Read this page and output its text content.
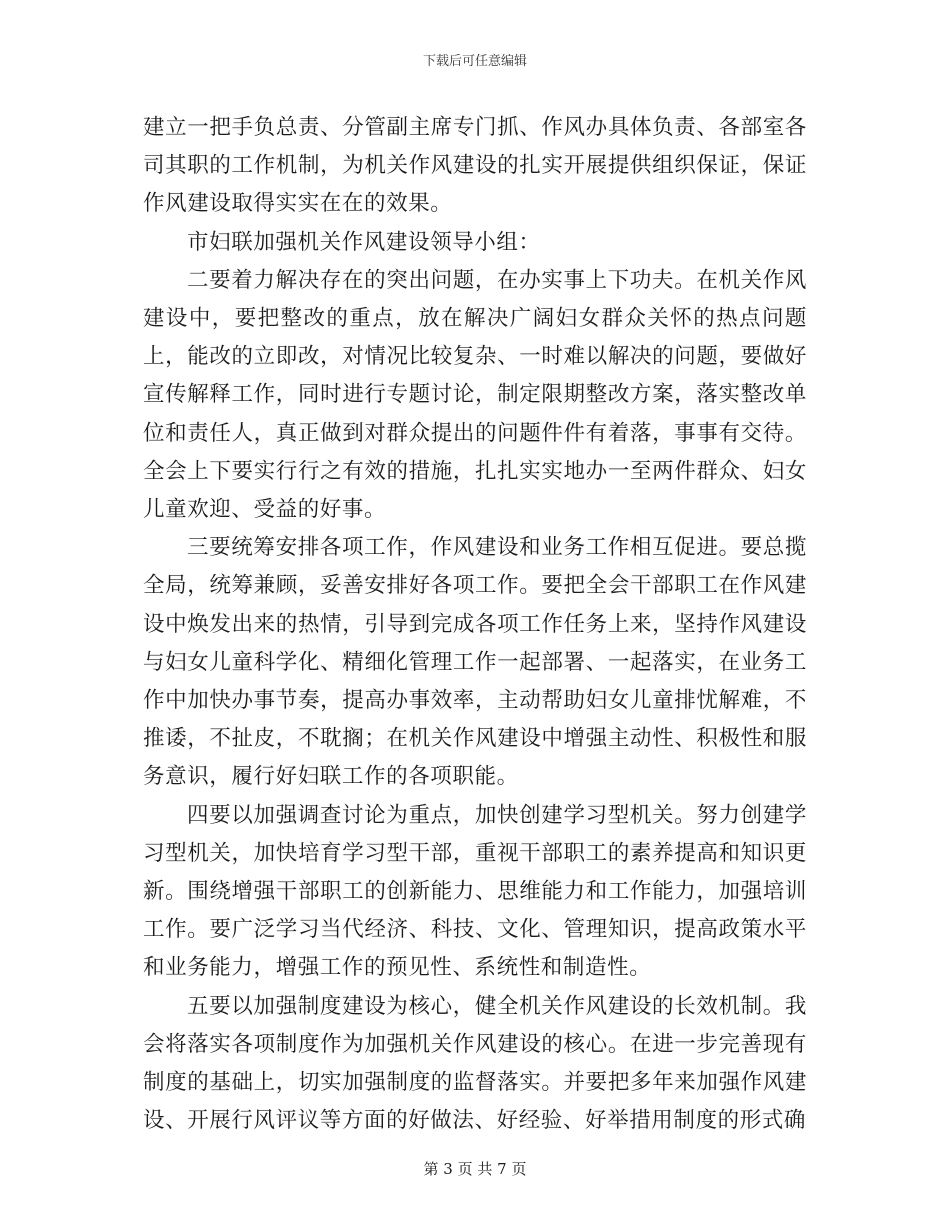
下载后可任意编辑

建立一把手负总责、分管副主席专门抓、作风办具体负责、各部室各司其职的工作机制，为机关作风建设的扎实开展提供组织保证，保证作风建设取得实实在在的效果。

市妇联加强机关作风建设领导小组：

二要着力解决存在的突出问题，在办实事上下功夫。在机关作风建设中，要把整改的重点，放在解决广阔妇女群众关怀的热点问题上，能改的立即改，对情况比较复杂、一时难以解决的问题，要做好宣传解释工作，同时进行专题讨论，制定限期整改方案，落实整改单位和责任人，真正做到对群众提出的问题件件有着落，事事有交待。全会上下要实行行之有效的措施，扎扎实实地办一至两件群众、妇女儿童欢迎、受益的好事。

三要统筹安排各项工作，作风建设和业务工作相互促进。要总揽全局，统筹兼顾，妥善安排好各项工作。要把全会干部职工在作风建设中焕发出来的热情，引导到完成各项工作任务上来，坚持作风建设与妇女儿童科学化、精细化管理工作一起部署、一起落实，在业务工作中加快办事节奏，提高办事效率，主动帮助妇女儿童排忧解难，不推诿，不扯皮，不耽搁；在机关作风建设中增强主动性、积极性和服务意识，履行好妇联工作的各项职能。

四要以加强调查讨论为重点，加快创建学习型机关。努力创建学习型机关，加快培育学习型干部，重视干部职工的素养提高和知识更新。围绕增强干部职工的创新能力、思维能力和工作能力，加强培训工作。要广泛学习当代经济、科技、文化、管理知识，提高政策水平和业务能力，增强工作的预见性、系统性和制造性。

五要以加强制度建设为核心，健全机关作风建设的长效机制。我会将落实各项制度作为加强机关作风建设的核心。在进一步完善现有制度的基础上，切实加强制度的监督落实。并要把多年来加强作风建设、开展行风评议等方面的好做法、好经验、好举措用制度的形式确

第 3 页 共 7 页
